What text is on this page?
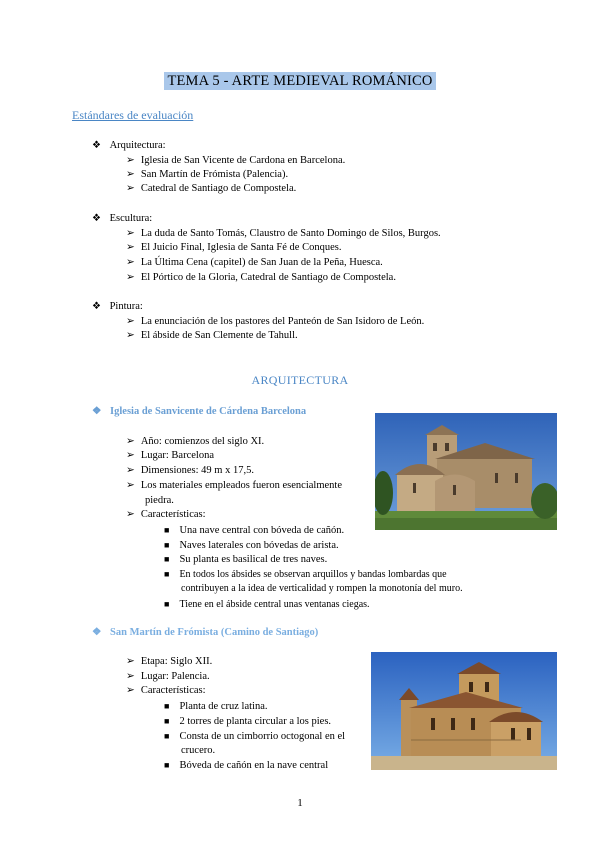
TEMA 5 - ARTE MEDIEVAL ROMÁNICO
Estándares de evaluación
❖ Arquitectura:
➢ Iglesia de San Vicente de Cardona en Barcelona.
➢ San Martín de Frómista (Palencia).
➢ Catedral de Santiago de Compostela.
❖ Escultura:
➢ La duda de Santo Tomás, Claustro de Santo Domingo de Silos, Burgos.
➢ El Juicio Final, Iglesia de Santa Fé de Conques.
➢ La Última Cena (capitel) de San Juan de la Peña, Huesca.
➢ El Pórtico de la Gloria, Catedral de Santiago de Compostela.
❖ Pintura:
➢ La enunciación de los pastores del Panteón de San Isidoro de León.
➢ El ábside de San Clemente de Tahull.
ARQUITECTURA
❖ Iglesia de Sanvicente de Cárdena Barcelona
➢ Año: comienzos del siglo XI.
➢ Lugar: Barcelona
➢ Dimensiones: 49 m x 17,5.
➢ Los materiales empleados fueron esencialmente
piedra.
➢ Características:
■ Una nave central con bóveda de cañón.
■ Naves laterales con bóvedas de arista.
■ Su planta es basilical de tres naves.
■ En todos los ábsides se observan arquillos y bandas lombardas que
contribuyen a la idea de verticalidad y rompen la monotonía del muro.
■ Tiene en el ábside central unas ventanas ciegas.
❖ San Martín de Frómista (Camino de Santiago)
➢ Etapa: Siglo XII.
➢ Lugar: Palencia.
➢ Características:
■ Planta de cruz latina.
■ 2 torres de planta circular a los pies.
■ Consta de un cimborrio octogonal en el
crucero.
■ Bóveda de cañón en la nave central
1
